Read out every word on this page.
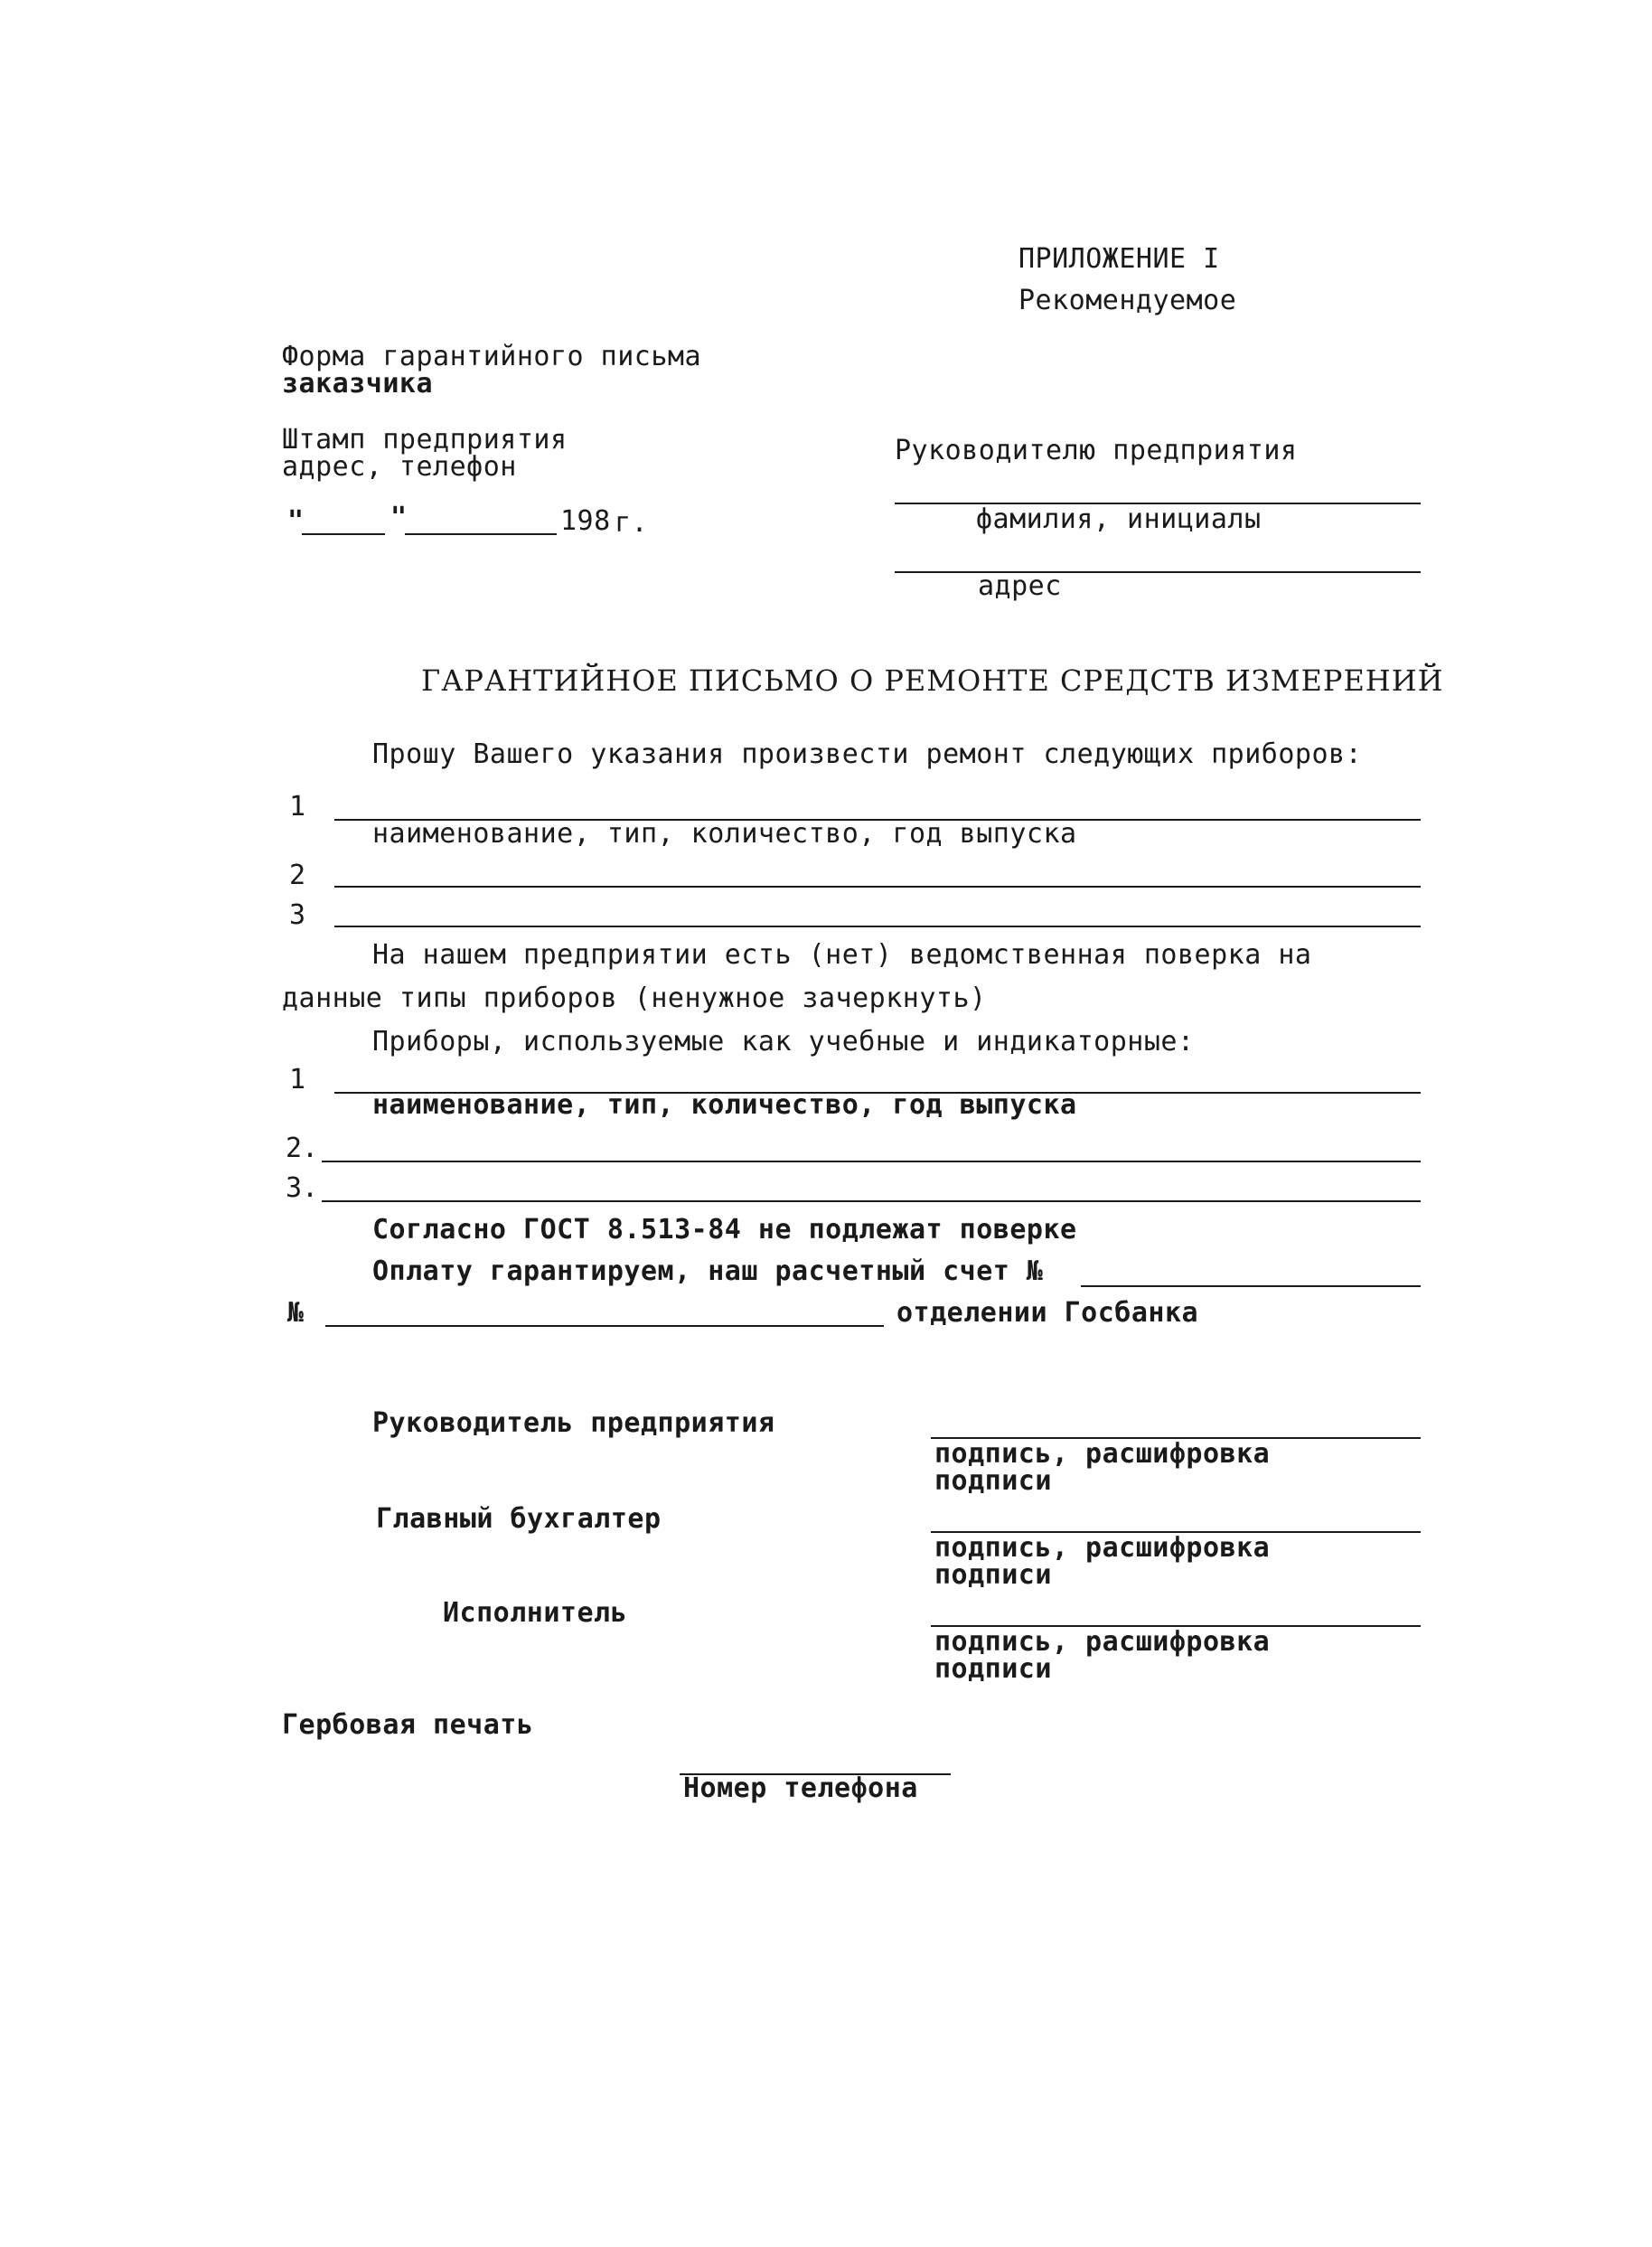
ПРИЛОЖЕНИЕ I
Рекомендуемое
Форма гарантийного письма
заказчика
Штамп предприятия
адрес, телефон
"	"	198 г.
Руководителю предприятия
фамилия, инициалы
адрес
ГАРАНТИЙНОЕ ПИСЬМО О РЕМОНТЕ СРЕДСТВ ИЗМЕРЕНИЙ
Прошу Вашего указания произвести ремонт следующих приборов:
1
наименование, тип, количество, год выпуска
2
3
На нашем предприятии есть (нет) ведомственная поверка на
данные типы приборов (ненужное зачеркнуть)
Приборы, используемые как учебные и индикаторные:
1
наименование, тип, количество, год выпуска
2.
3.
Согласно ГОСТ 8.513-84 не подлежат поверке
Оплату гарантируем, наш расчетный счет №
№	отделении Госбанка
Руководитель предприятия
подпись, расшифровка
подписи
Главный бухгалтер
подпись, расшифровка
подписи
Исполнитель
подпись, расшифровка
подписи
Гербовая печать
Номер телефона
